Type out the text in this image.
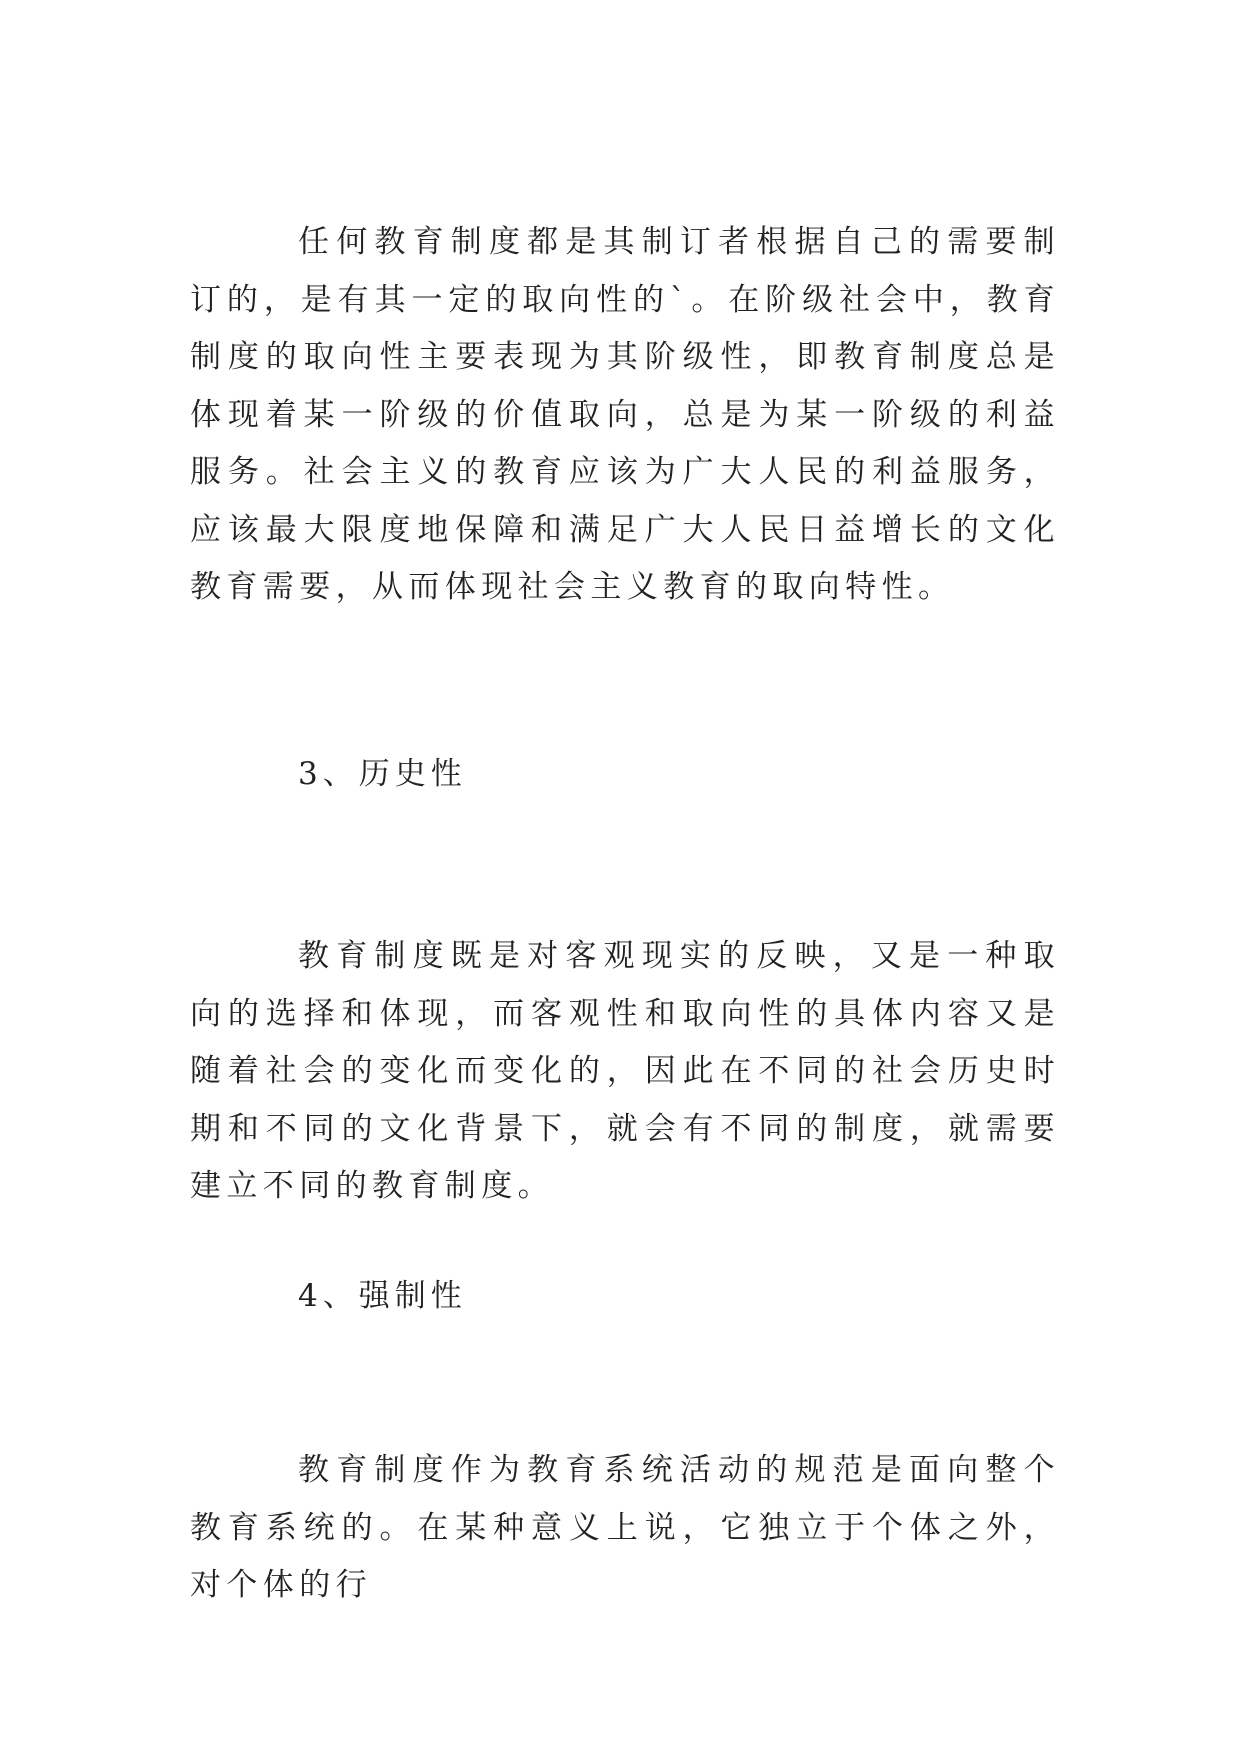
任何教育制度都是其制订者根据自己的需要制订的，是有其一定的取向性的`。在阶级社会中，教育制度的取向性主要表现为其阶级性，即教育制度总是体现着某一阶级的价值取向，总是为某一阶级的利益服务。社会主义的教育应该为广大人民的利益服务，应该最大限度地保障和满足广大人民日益增长的文化教育需要，从而体现社会主义教育的取向特性。

3、历史性

教育制度既是对客观现实的反映，又是一种取向的选择和体现，而客观性和取向性的具体内容又是随着社会的变化而变化的，因此在不同的社会历史时期和不同的文化背景下，就会有不同的制度，就需要建立不同的教育制度。

4、强制性

教育制度作为教育系统活动的规范是面向整个教育系统的。在某种意义上说，它独立于个体之外，对个体的行
